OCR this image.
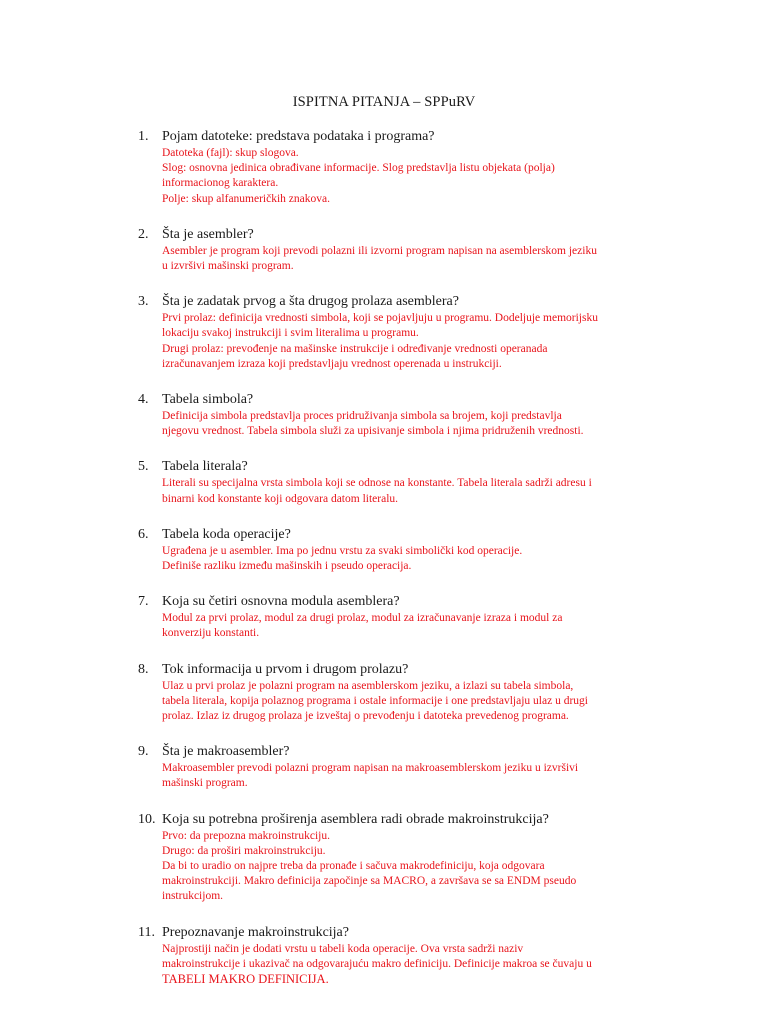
ISPITNA PITANJA – SPPuRV
1. Pojam datoteke: predstava podataka i programa?
Datoteka (fajl): skup slogova.
Slog: osnovna jedinica obrađivane informacije. Slog predstavlja listu objekata (polja)
informacionog karaktera.
Polje: skup alfanumeričkih znakova.
2. Šta je asembler?
Asembler je program koji prevodi polazni ili izvorni program napisan na asemblerskom jeziku
u izvršivi mašinski program.
3. Šta je zadatak prvog a šta drugog prolaza asemblera?
Prvi prolaz: definicija vrednosti simbola, koji se pojavljuju u programu. Dodeljuje memorijsku
lokaciju svakoj instrukciji i svim literalima u programu.
Drugi prolaz: prevođenje na mašinske instrukcije i određivanje vrednosti operanada
izračunavanjem izraza koji predstavljaju vrednost operenada u instrukciji.
4. Tabela simbola?
Definicija simbola predstavlja proces pridruživanja simbola sa brojem, koji predstavlja
njegovu vrednost. Tabela simbola služi za upisivanje simbola i njima pridruženih vrednosti.
5. Tabela literala?
Literali su specijalna vrsta simbola koji se odnose na konstante. Tabela literala sadrži adresu i
binarni kod konstante koji odgovara datom literalu.
6. Tabela koda operacije?
Ugrađena je u asembler. Ima po jednu vrstu za svaki simbolički kod operacije.
Definiše razliku između mašinskih i pseudo operacija.
7. Koja su četiri osnovna modula asemblera?
Modul za prvi prolaz, modul za drugi prolaz, modul za izračunavanje izraza i modul za
konverziju konstanti.
8. Tok informacija u prvom i drugom prolazu?
Ulaz u prvi prolaz je polazni program na asemblerskom jeziku, a izlazi su tabela simbola,
tabela literala, kopija polaznog programa i ostale informacije i one predstavljaju ulaz u drugi
prolaz. Izlaz iz drugog prolaza je izveštaj o prevođenju i datoteka prevedenog programa.
9. Šta je makroasembler?
Makroasembler prevodi polazni program napisan na makroasemblerskom jeziku u izvršivi
mašinski program.
10. Koja su potrebna proširenja asemblera radi obrade makroinstrukcija?
Prvo: da prepozna makroinstrukciju.
Drugo: da proširi makroinstrukciju.
Da bi to uradio on najpre treba da pronađe i sačuva makrodefiniciju, koja odgovara
makroinstrukciji. Makro definicija započinje sa MACRO, a završava se sa ENDM pseudo
instrukcijom.
11. Prepoznavanje makroinstrukcija?
Najprostiji način je dodati vrstu u tabeli koda operacije. Ova vrsta sadrži naziv
makroinstrukcije i ukazivač na odgovarajuću makro definiciju. Definicije makroa se čuvaju u
TABELI MAKRO DEFINICIJA.
